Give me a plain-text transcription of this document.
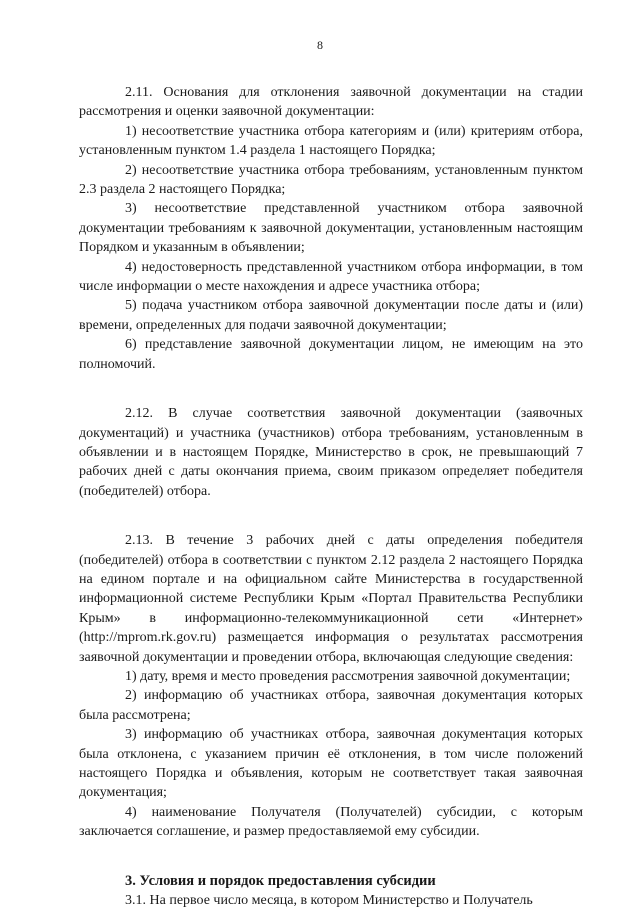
8

2.11. Основания для отклонения заявочной документации на стадии рассмотрения и оценки заявочной документации:

1) несоответствие участника отбора категориям и (или) критериям отбора, установленным пунктом 1.4 раздела 1 настоящего Порядка;

2) несоответствие участника отбора требованиям, установленным пунктом 2.3 раздела 2 настоящего Порядка;

3) несоответствие представленной участником отбора заявочной документации требованиям к заявочной документации, установленным настоящим Порядком и указанным в объявлении;

4) недостоверность представленной участником отбора информации, в том числе информации о месте нахождения и адресе участника отбора;

5) подача участником отбора заявочной документации после даты и (или) времени, определенных для подачи заявочной документации;

6) представление заявочной документации лицом, не имеющим на это полномочий.

2.12. В случае соответствия заявочной документации (заявочных документаций) и участника (участников) отбора требованиям, установленным в объявлении и в настоящем Порядке, Министерство в срок, не превышающий 7 рабочих дней с даты окончания приема, своим приказом определяет победителя (победителей) отбора.

2.13. В течение 3 рабочих дней с даты определения победителя (победителей) отбора в соответствии с пунктом 2.12 раздела 2 настоящего Порядка на едином портале и на официальном сайте Министерства в государственной информационной системе Республики Крым «Портал Правительства Республики Крым» в информационно-телекоммуникационной сети «Интернет» (http://mprom.rk.gov.ru) размещается информация о результатах рассмотрения заявочной документации и проведении отбора, включающая следующие сведения:

1) дату, время и место проведения рассмотрения заявочной документации;

2) информацию об участниках отбора, заявочная документация которых была рассмотрена;

3) информацию об участниках отбора, заявочная документация которых была отклонена, с указанием причин её отклонения, в том числе положений настоящего Порядка и объявления, которым не соответствует такая заявочная документация;

4) наименование Получателя (Получателей) субсидии, с которым заключается соглашение, и размер предоставляемой ему субсидии.

3. Условия и порядок предоставления субсидии

3.1. На первое число месяца, в котором Министерство и Получатель
